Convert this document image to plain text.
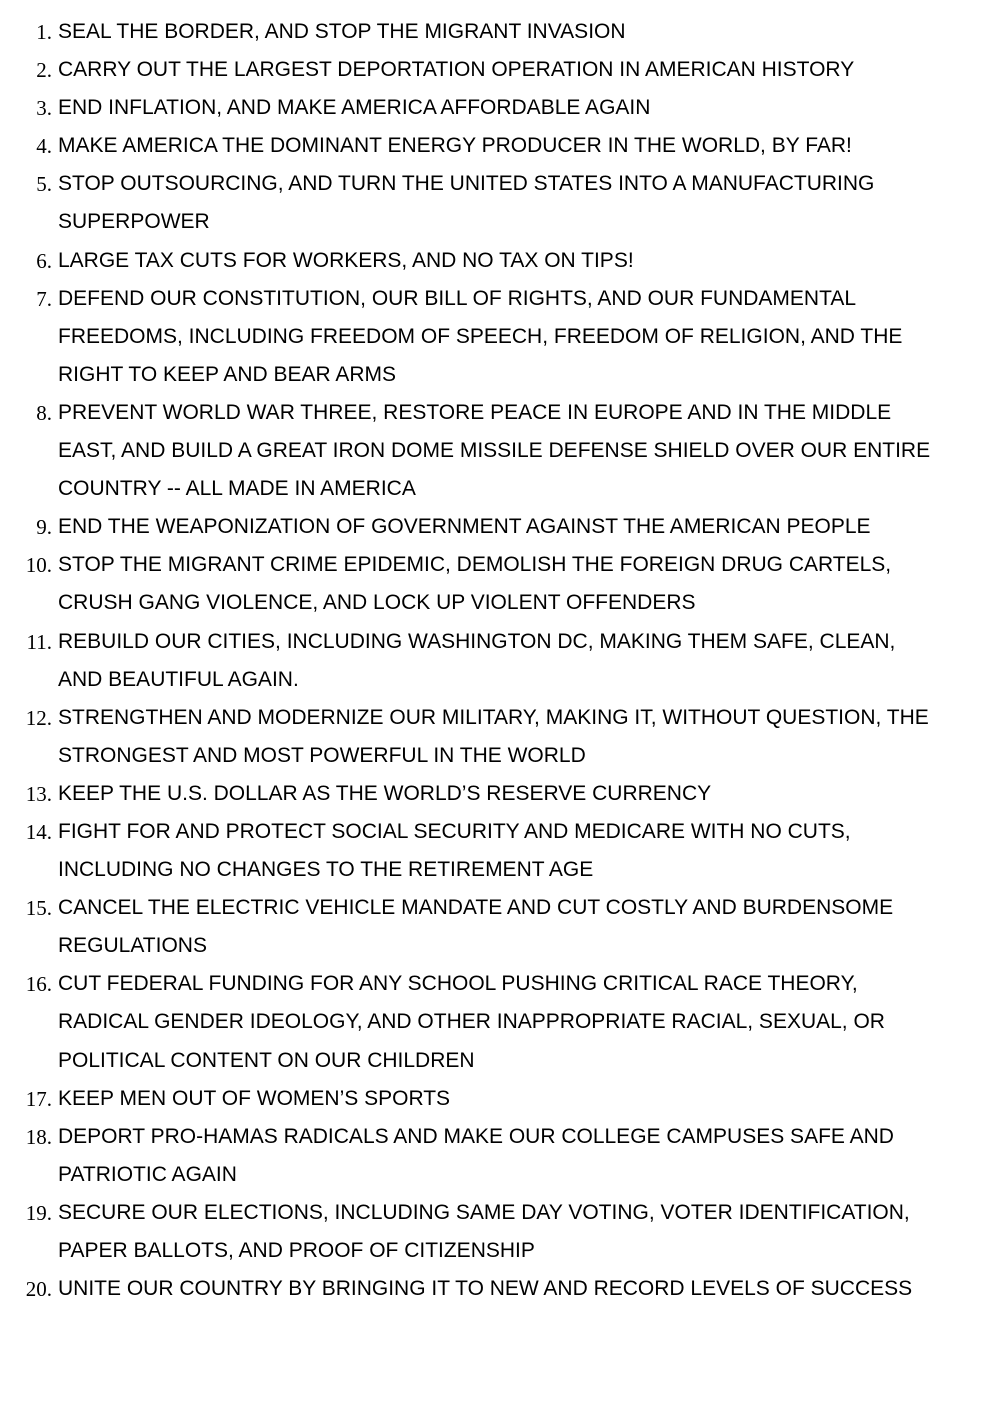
1. SEAL THE BORDER, AND STOP THE MIGRANT INVASION
2. CARRY OUT THE LARGEST DEPORTATION OPERATION IN AMERICAN HISTORY
3. END INFLATION, AND MAKE AMERICA AFFORDABLE AGAIN
4. MAKE AMERICA THE DOMINANT ENERGY PRODUCER IN THE WORLD, BY FAR!
5. STOP OUTSOURCING, AND TURN THE UNITED STATES INTO A MANUFACTURING SUPERPOWER
6. LARGE TAX CUTS FOR WORKERS, AND NO TAX ON TIPS!
7. DEFEND OUR CONSTITUTION, OUR BILL OF RIGHTS, AND OUR FUNDAMENTAL FREEDOMS, INCLUDING FREEDOM OF SPEECH, FREEDOM OF RELIGION, AND THE RIGHT TO KEEP AND BEAR ARMS
8. PREVENT WORLD WAR THREE, RESTORE PEACE IN EUROPE AND IN THE MIDDLE EAST, AND BUILD A GREAT IRON DOME MISSILE DEFENSE SHIELD OVER OUR ENTIRE COUNTRY -- ALL MADE IN AMERICA
9. END THE WEAPONIZATION OF GOVERNMENT AGAINST THE AMERICAN PEOPLE
10. STOP THE MIGRANT CRIME EPIDEMIC, DEMOLISH THE FOREIGN DRUG CARTELS, CRUSH GANG VIOLENCE, AND LOCK UP VIOLENT OFFENDERS
11. REBUILD OUR CITIES, INCLUDING WASHINGTON DC, MAKING THEM SAFE, CLEAN, AND BEAUTIFUL AGAIN.
12. STRENGTHEN AND MODERNIZE OUR MILITARY, MAKING IT, WITHOUT QUESTION, THE STRONGEST AND MOST POWERFUL IN THE WORLD
13. KEEP THE U.S. DOLLAR AS THE WORLD’S RESERVE CURRENCY
14. FIGHT FOR AND PROTECT SOCIAL SECURITY AND MEDICARE WITH NO CUTS, INCLUDING NO CHANGES TO THE RETIREMENT AGE
15. CANCEL THE ELECTRIC VEHICLE MANDATE AND CUT COSTLY AND BURDENSOME REGULATIONS
16. CUT FEDERAL FUNDING FOR ANY SCHOOL PUSHING CRITICAL RACE THEORY, RADICAL GENDER IDEOLOGY, AND OTHER INAPPROPRIATE RACIAL, SEXUAL, OR POLITICAL CONTENT ON OUR CHILDREN
17. KEEP MEN OUT OF WOMEN’S SPORTS
18. DEPORT PRO-HAMAS RADICALS AND MAKE OUR COLLEGE CAMPUSES SAFE AND PATRIOTIC AGAIN
19. SECURE OUR ELECTIONS, INCLUDING SAME DAY VOTING, VOTER IDENTIFICATION, PAPER BALLOTS, AND PROOF OF CITIZENSHIP
20. UNITE OUR COUNTRY BY BRINGING IT TO NEW AND RECORD LEVELS OF SUCCESS
